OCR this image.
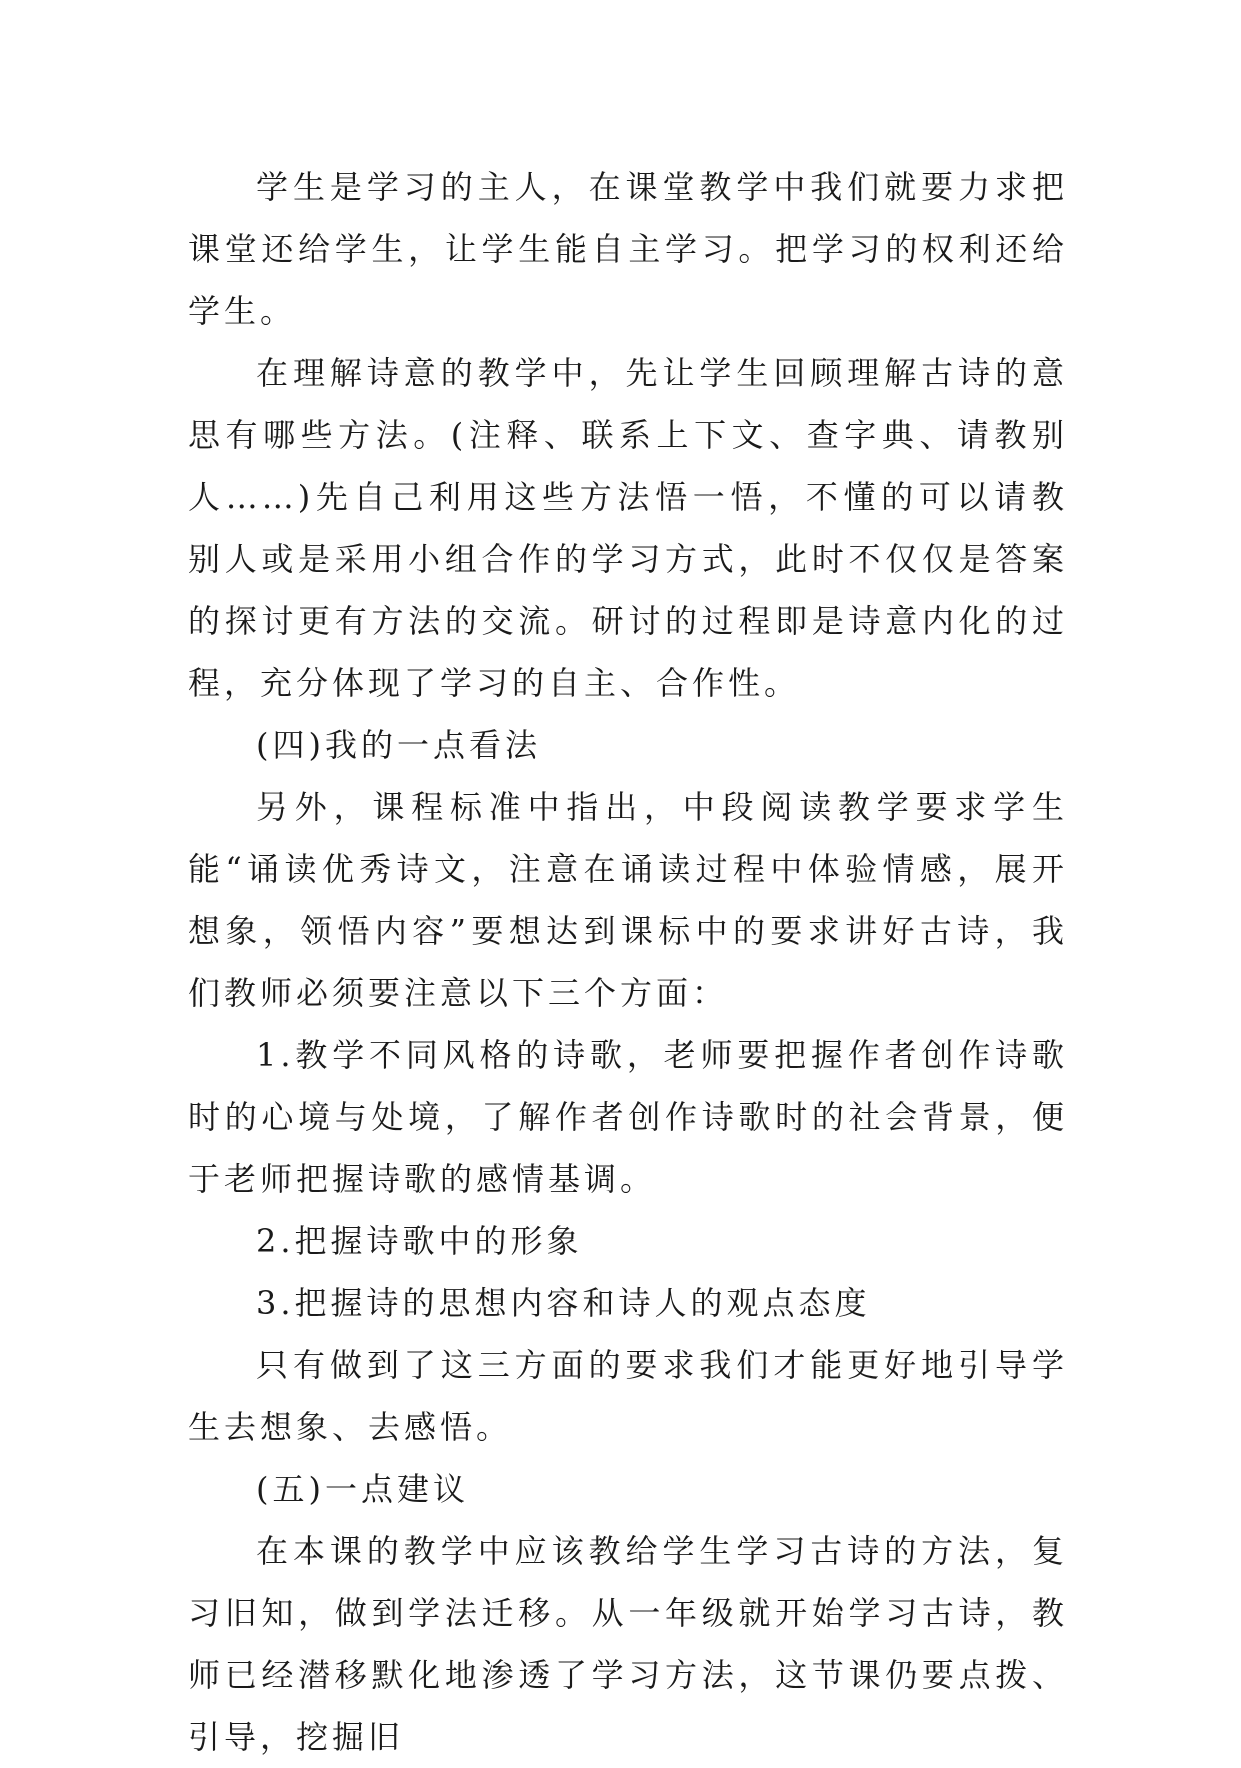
学生是学习的主人，在课堂教学中我们就要力求把课堂还给学生，让学生能自主学习。把学习的权利还给学生。

在理解诗意的教学中，先让学生回顾理解古诗的意思有哪些方法。(注释、联系上下文、查字典、请教别人……)先自己利用这些方法悟一悟，不懂的可以请教别人或是采用小组合作的学习方式，此时不仅仅是答案的探讨更有方法的交流。研讨的过程即是诗意内化的过程，充分体现了学习的自主、合作性。

(四)我的一点看法

另外，课程标准中指出，中段阅读教学要求学生能“诵读优秀诗文，注意在诵读过程中体验情感，展开想象，领悟内容”要想达到课标中的要求讲好古诗，我们教师必须要注意以下三个方面：

1.教学不同风格的诗歌，老师要把握作者创作诗歌时的心境与处境，了解作者创作诗歌时的社会背景，便于老师把握诗歌的感情基调。

2.把握诗歌中的形象

3.把握诗的思想内容和诗人的观点态度

只有做到了这三方面的要求我们才能更好地引导学生去想象、去感悟。

(五)一点建议

在本课的教学中应该教给学生学习古诗的方法，复习旧知，做到学法迁移。从一年级就开始学习古诗，教师已经潜移默化地渗透了学习方法，这节课仍要点拨、引导，挖掘旧
